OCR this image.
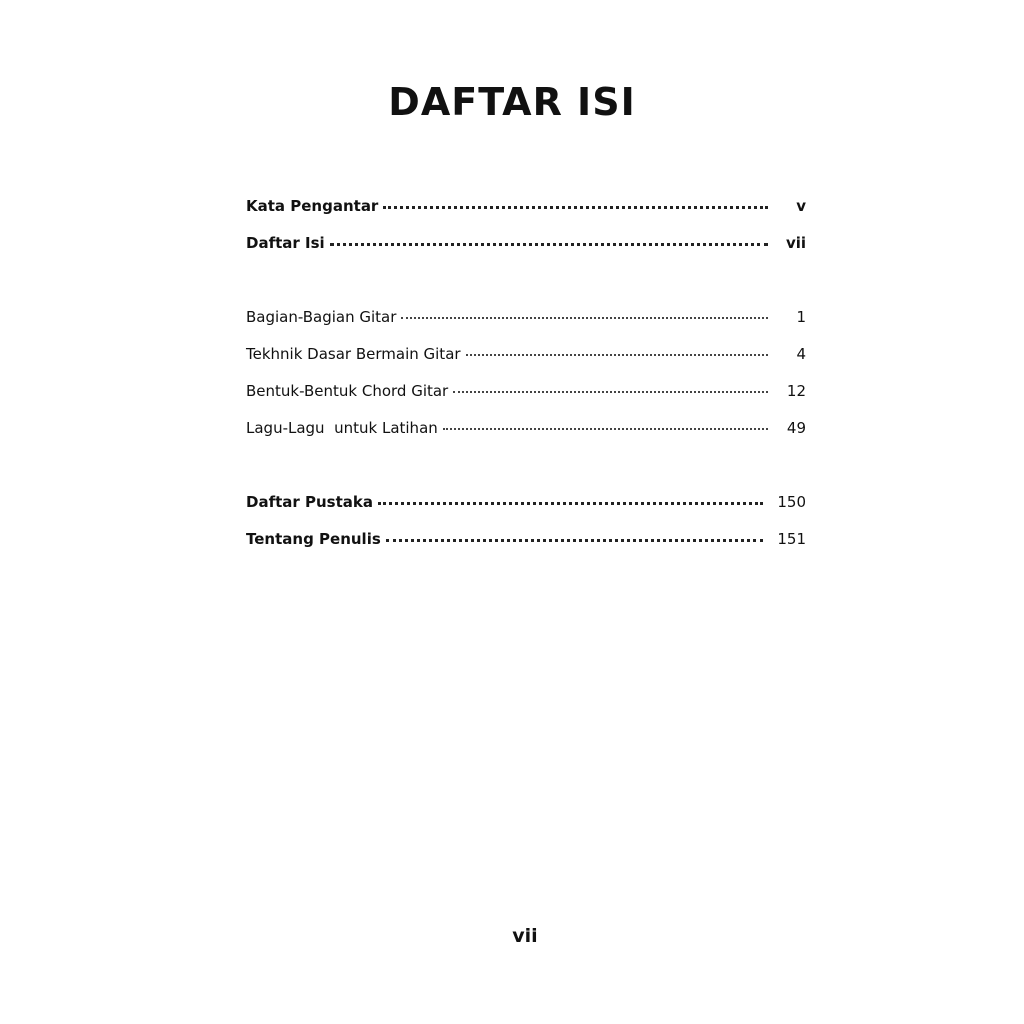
DAFTAR ISI
Kata Pengantar	v
Daftar Isi	vii
Bagian-Bagian Gitar	1
Tekhnik Dasar Bermain Gitar	4
Bentuk-Bentuk Chord Gitar	12
Lagu-Lagu  untuk Latihan	49
Daftar Pustaka	150
Tentang Penulis	151
vii
